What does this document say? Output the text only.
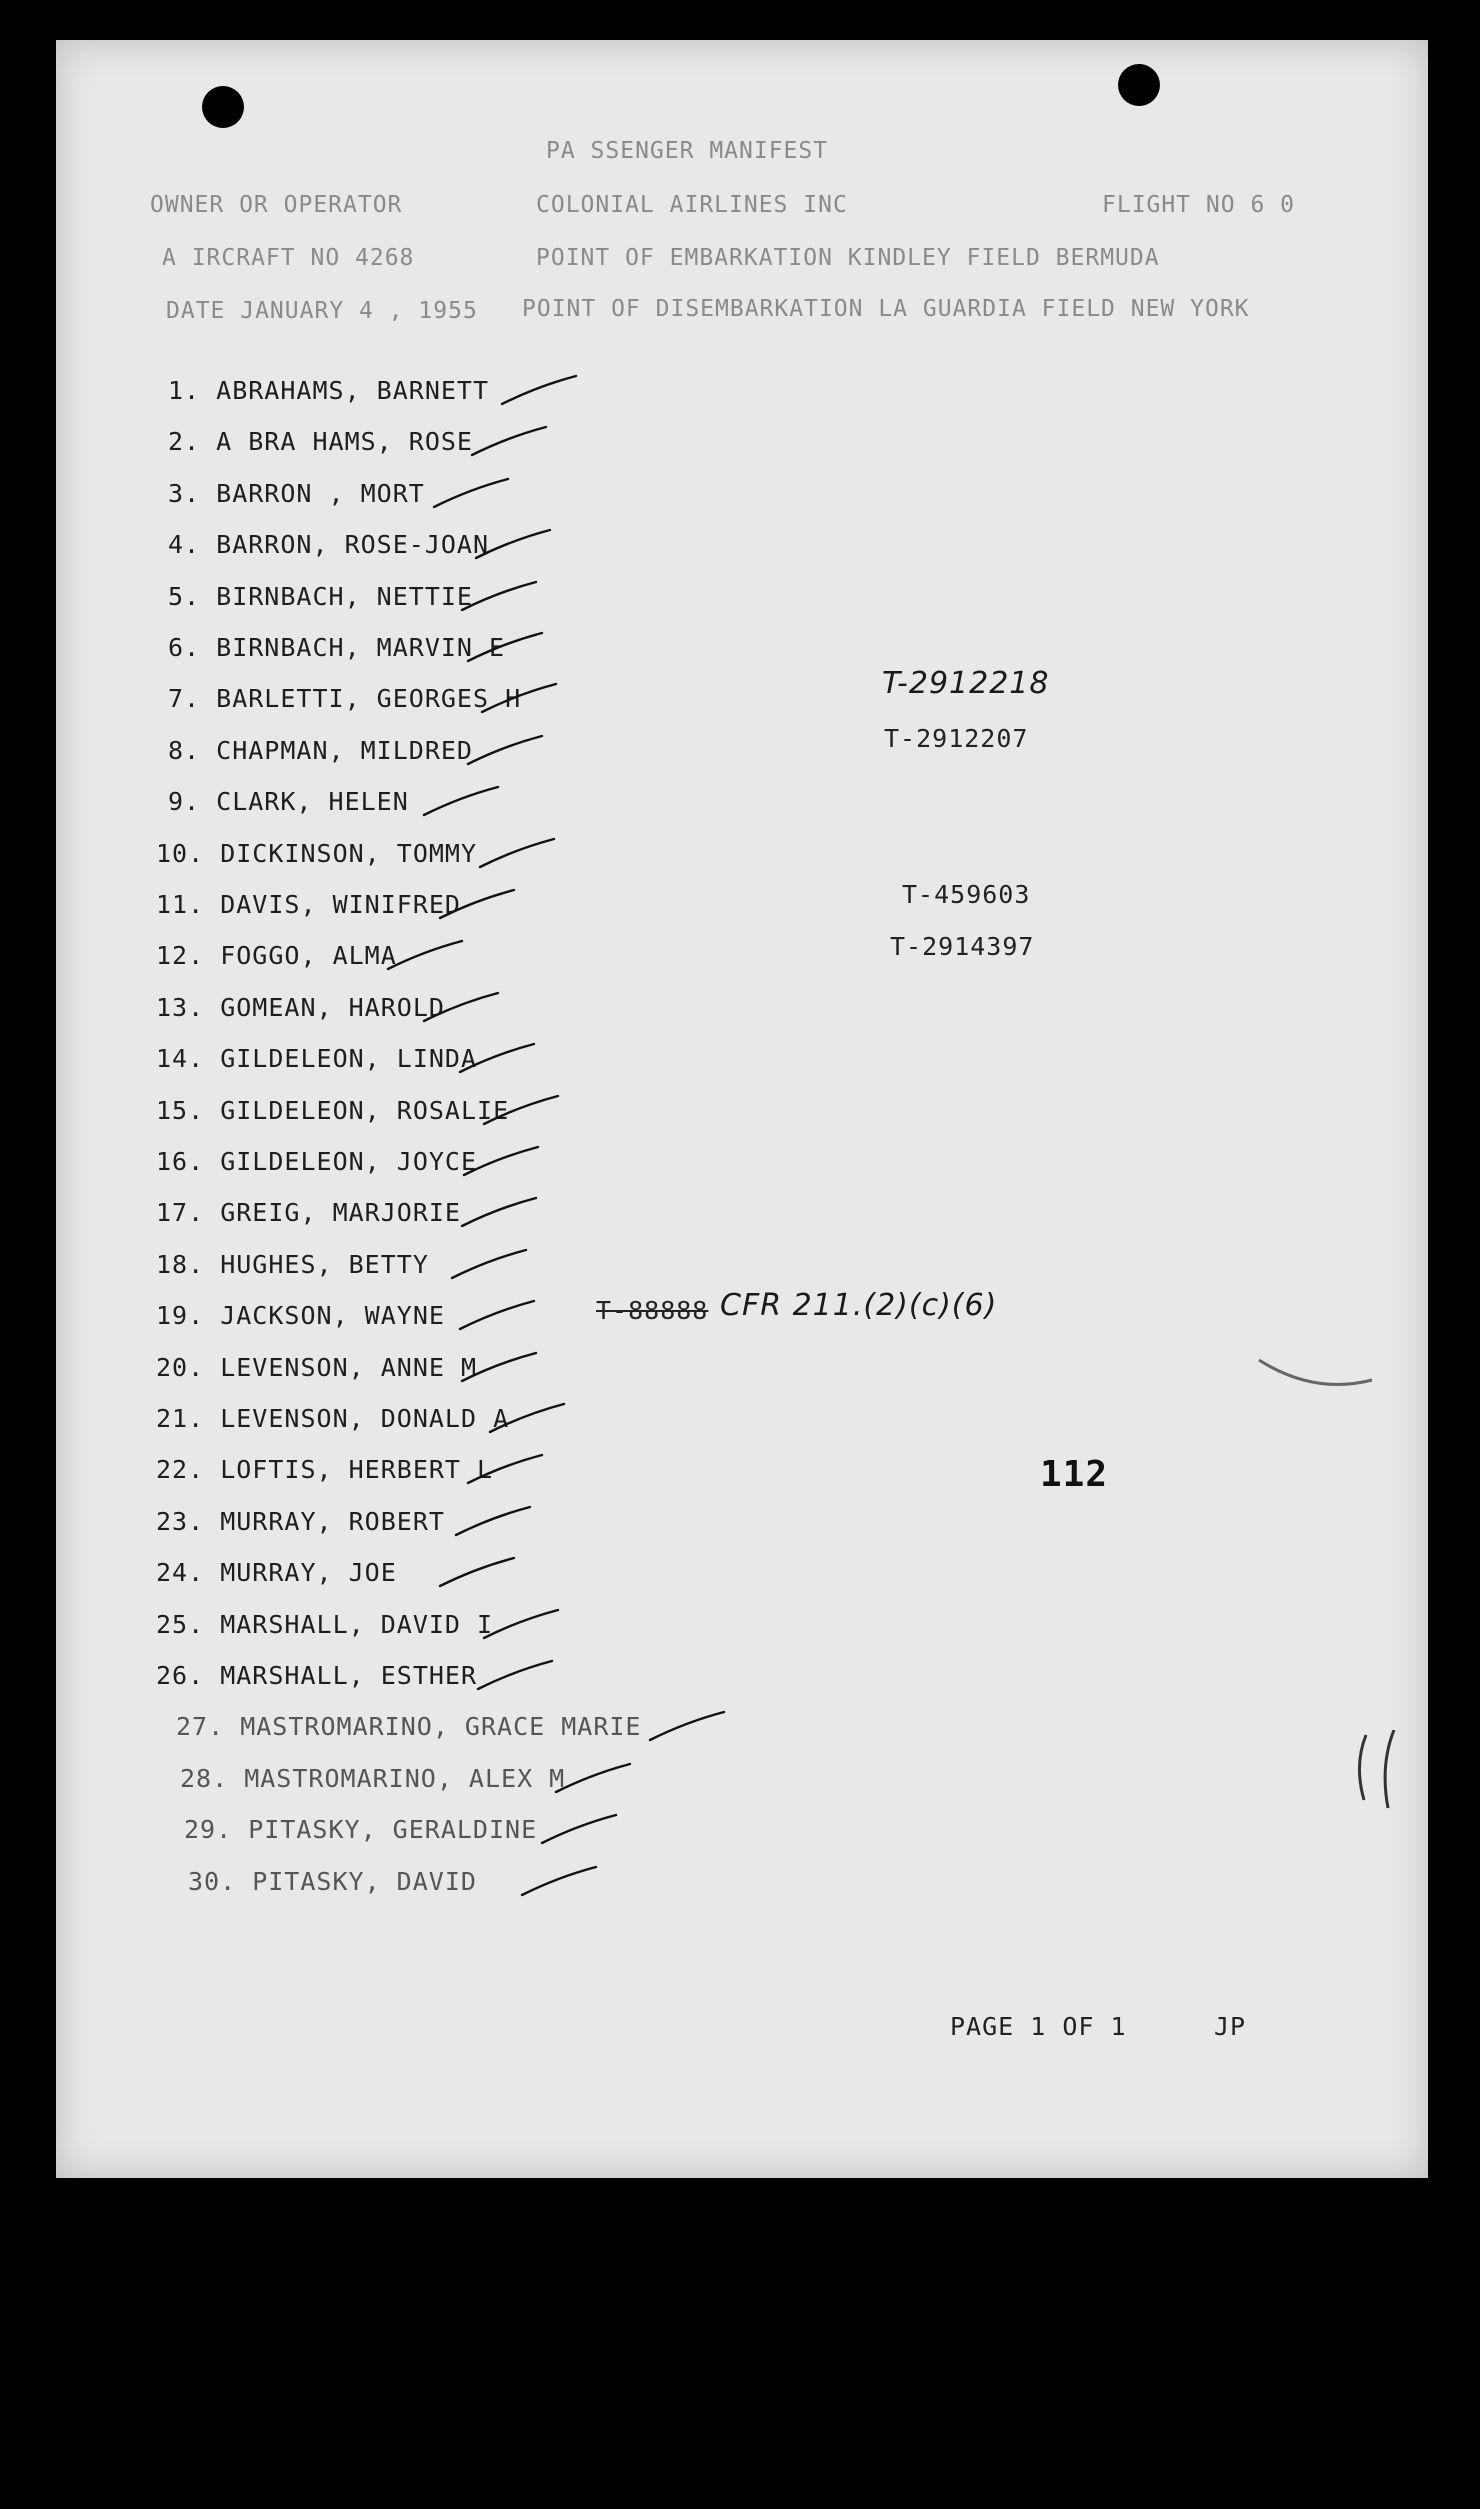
PA SSENGER MANIFEST
OWNER OR OPERATOR	COLONIAL AIRLINES INC	FLIGHT NO 6 0
A IRCRAFT NO 4268	POINT OF EMBARKATION KINDLEY FIELD BERMUDA
DATE JANUARY 4 , 1955 POINT OF DISEMBARKATION LA GUARDIA FIELD NEW YORK
1. ABRAHAMS, BARNETT
2. A BRA HAMS, ROSE
3. BARRON , MORT
4. BARRON, ROSE-JOAN
5. BIRNBACH, NETTIE
6. BIRNBACH, MARVIN E
7. BARLETTI, GEORGES H
8. CHAPMAN, MILDRED
9. CLARK, HELEN
10. DICKINSON, TOMMY
11. DAVIS, WINIFRED
12. FOGGO, ALMA
13. GOMEAN, HAROLD
14. GILDELEON, LINDA
15. GILDELEON, ROSALIE
16. GILDELEON, JOYCE
17. GREIG, MARJORIE
18. HUGHES, BETTY
19. JACKSON, WAYNE
20. LEVENSON, ANNE M
21. LEVENSON, DONALD A
22. LOFTIS, HERBERT L
23. MURRAY, ROBERT
24. MURRAY, JOE
25. MARSHALL, DAVID I
26. MARSHALL, ESTHER
27. MASTROMARINO, GRACE MARIE
28. MASTROMARINO, ALEX M
29. PITASKY, GERALDINE
30. PITASKY, DAVID
T-2912218
T-2912207
T-459603
T-2914397
T-88888 CFR 211.(2)(c)(6)
112
PAGE 1 OF 1	JP
